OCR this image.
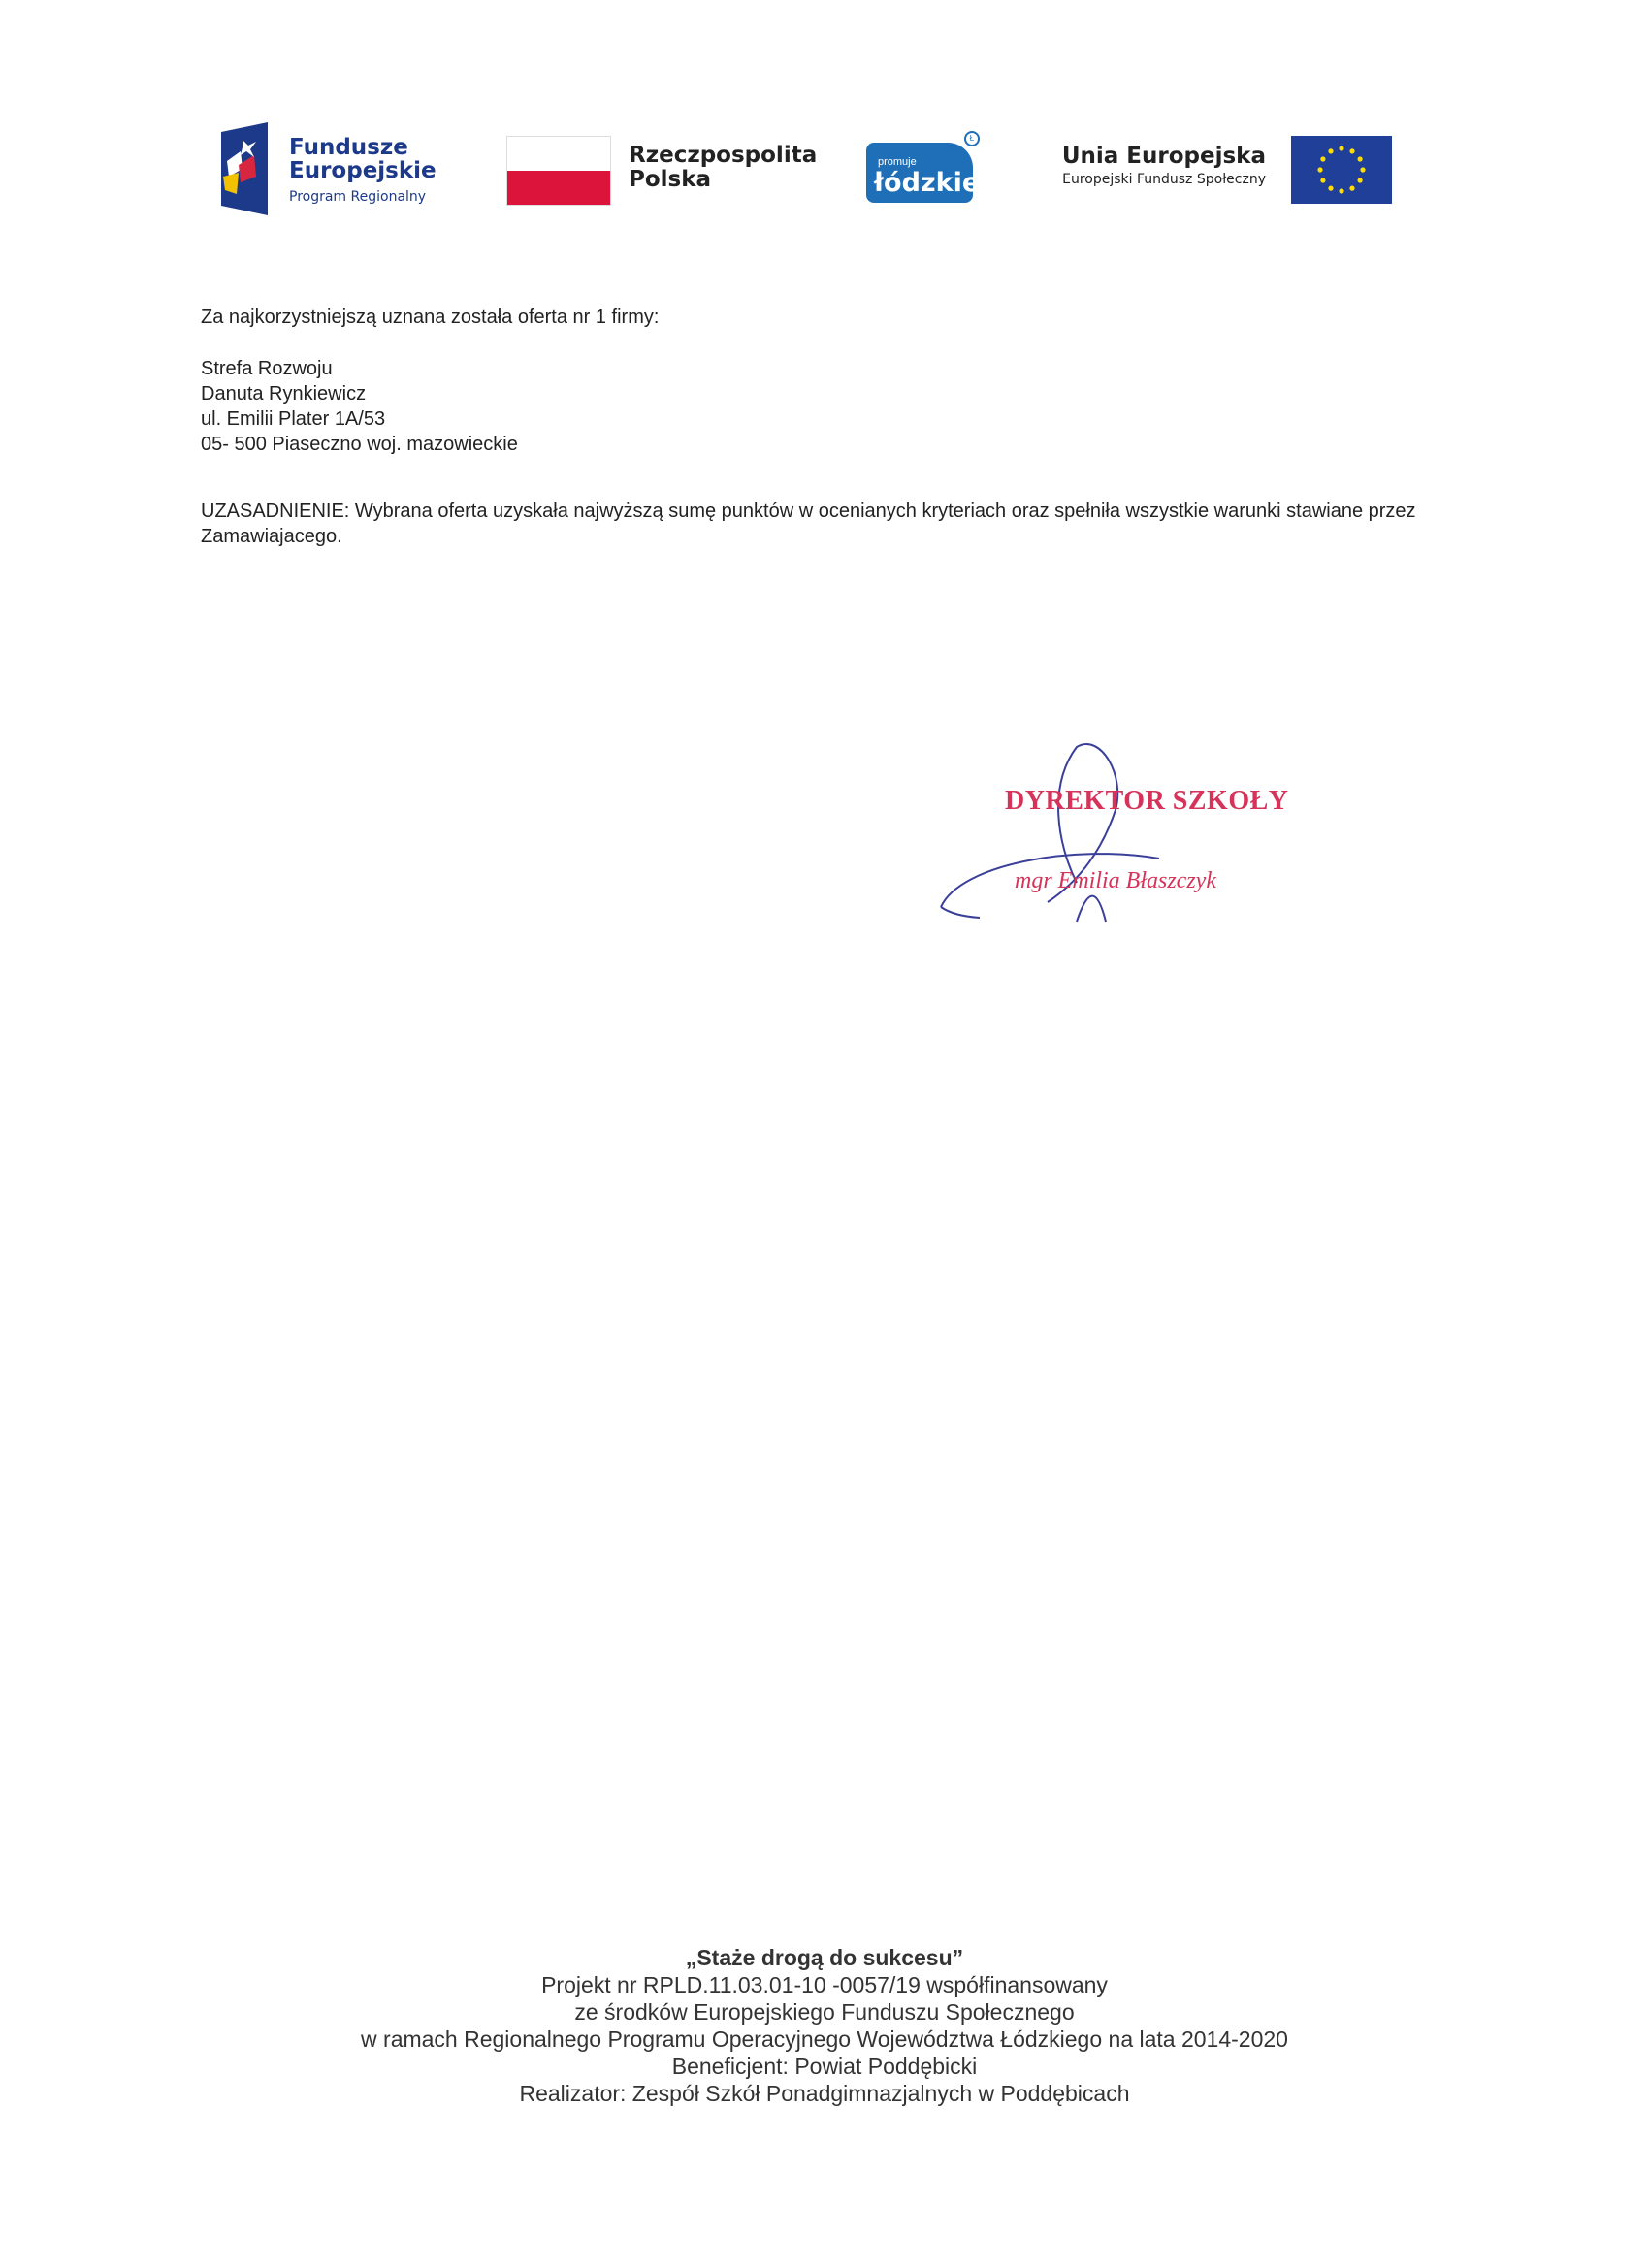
Fundusze
Europejskie
Program Regionalny
Rzeczpospolita
Polska
promuje
łódzkie
Ł
Unia Europejska
Europejski Fundusz Społeczny
Za najkorzystniejszą uznana została oferta nr 1 firmy:
Strefa Rozwoju
Danuta Rynkiewicz
ul. Emilii Plater 1A/53
05- 500 Piaseczno woj. mazowieckie
UZASADNIENIE: Wybrana oferta uzyskała najwyższą sumę punktów w ocenianych kryteriach oraz spełniła wszystkie warunki stawiane przez Zamawiajacego.
DYREKTOR SZKOŁY
mgr Emilia Błaszczyk
„Staże drogą do sukcesu”
Projekt nr RPLD.11.03.01-10 -0057/19 współfinansowany
ze środków Europejskiego Funduszu Społecznego
w ramach Regionalnego Programu Operacyjnego Województwa Łódzkiego na lata 2014-2020
Beneficjent: Powiat Poddębicki
Realizator: Zespół Szkół Ponadgimnazjalnych w Poddębicach
